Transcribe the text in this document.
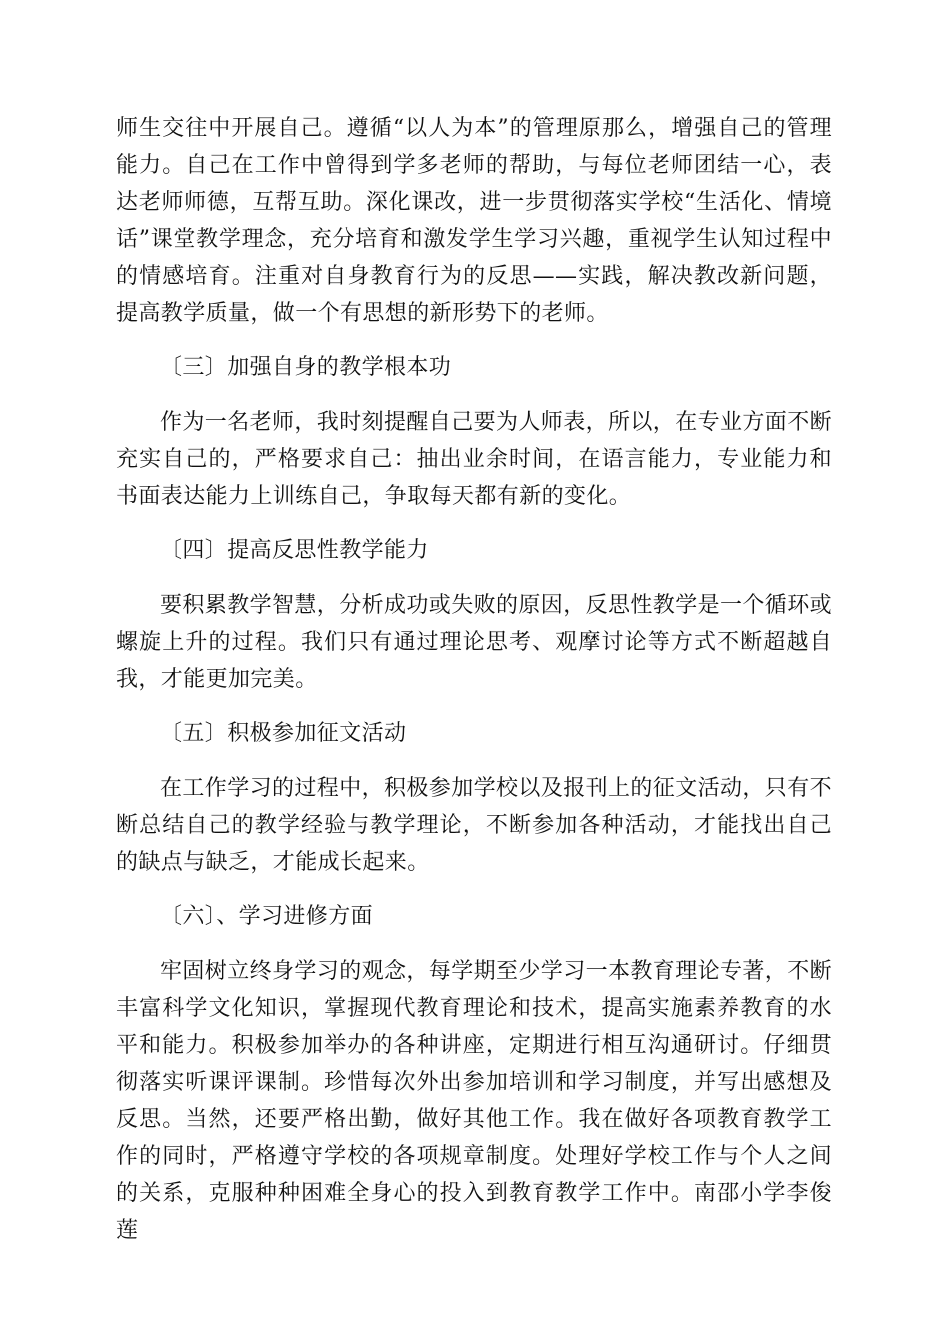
师生交往中开展自己。遵循“以人为本”的管理原那么，增强自己的管理能力。自己在工作中曾得到学多老师的帮助，与每位老师团结一心，表达老师师德，互帮互助。深化课改，进一步贯彻落实学校“生活化、情境话”课堂教学理念，充分培育和激发学生学习兴趣，重视学生认知过程中的情感培育。注重对自身教育行为的反思——实践，解决教改新问题，提高教学质量，做一个有思想的新形势下的老师。

〔三〕加强自身的教学根本功

作为一名老师，我时刻提醒自己要为人师表，所以，在专业方面不断充实自己的，严格要求自己：抽出业余时间，在语言能力，专业能力和书面表达能力上训练自己，争取每天都有新的变化。

〔四〕提高反思性教学能力

要积累教学智慧，分析成功或失败的原因，反思性教学是一个循环或螺旋上升的过程。我们只有通过理论思考、观摩讨论等方式不断超越自我，才能更加完美。

〔五〕积极参加征文活动

在工作学习的过程中，积极参加学校以及报刊上的征文活动，只有不断总结自己的教学经验与教学理论，不断参加各种活动，才能找出自己的缺点与缺乏，才能成长起来。

〔六〕、学习进修方面

牢固树立终身学习的观念，每学期至少学习一本教育理论专著，不断丰富科学文化知识，掌握现代教育理论和技术，提高实施素养教育的水平和能力。积极参加举办的各种讲座，定期进行相互沟通研讨。仔细贯彻落实听课评课制。珍惜每次外出参加培训和学习制度，并写出感想及反思。当然，还要严格出勤，做好其他工作。我在做好各项教育教学工作的同时，严格遵守学校的各项规章制度。处理好学校工作与个人之间的关系，克服种种困难全身心的投入到教育教学工作中。南邵小学李俊莲
